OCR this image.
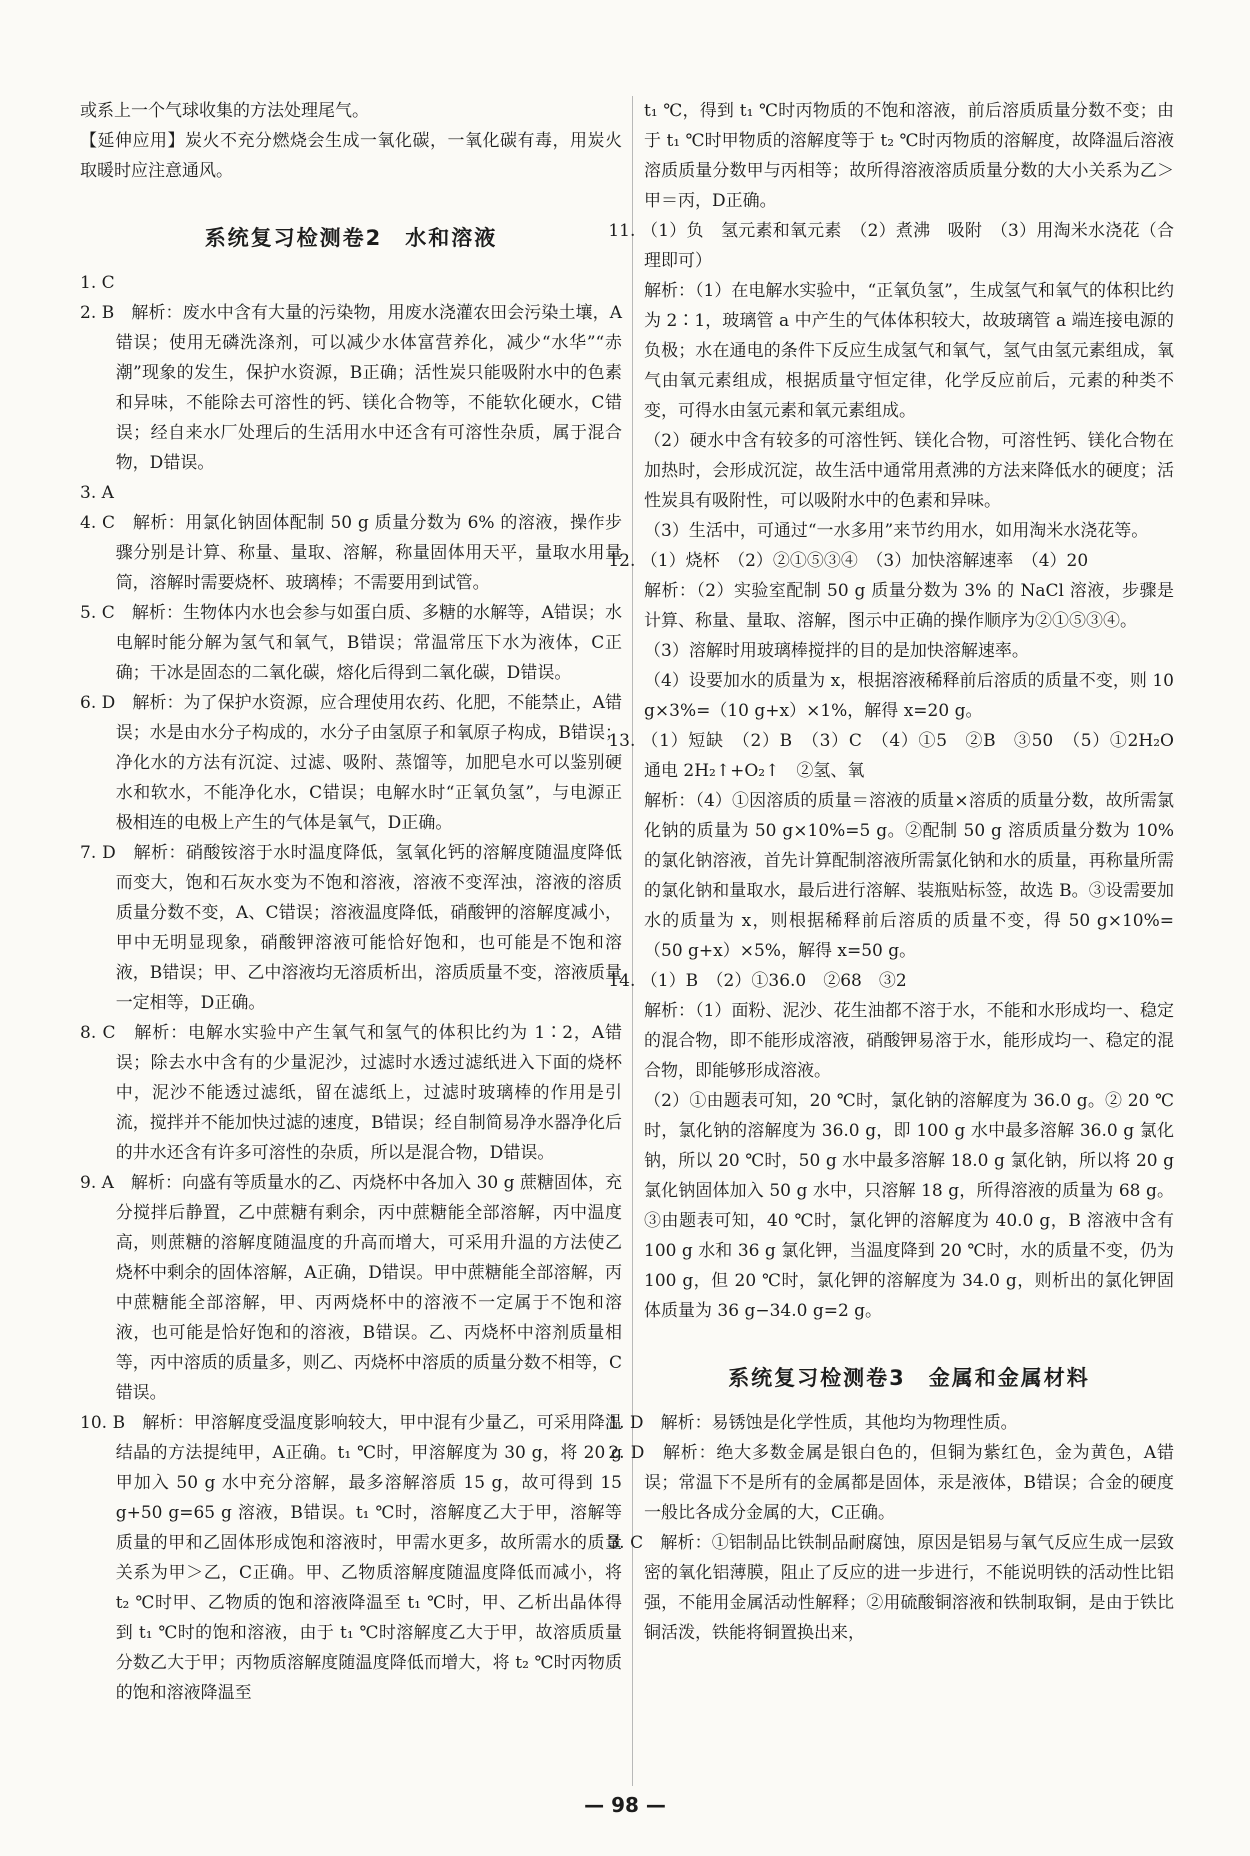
或系上一个气球收集的方法处理尾气。

【延伸应用】炭火不充分燃烧会生成一氧化碳，一氧化碳有毒，用炭火取暖时应注意通风。

系统复习检测卷2　水和溶液

1. C

2. B　解析：废水中含有大量的污染物，用废水浇灌农田会污染土壤，A错误；使用无磷洗涤剂，可以减少水体富营养化，减少“水华”“赤潮”现象的发生，保护水资源，B正确；活性炭只能吸附水中的色素和异味，不能除去可溶性的钙、镁化合物等，不能软化硬水，C错误；经自来水厂处理后的生活用水中还含有可溶性杂质，属于混合物，D错误。

3. A

4. C　解析：用氯化钠固体配制 50 g 质量分数为 6% 的溶液，操作步骤分别是计算、称量、量取、溶解，称量固体用天平，量取水用量筒，溶解时需要烧杯、玻璃棒；不需要用到试管。

5. C　解析：生物体内水也会参与如蛋白质、多糖的水解等，A错误；水电解时能分解为氢气和氧气，B错误；常温常压下水为液体，C正确；干冰是固态的二氧化碳，熔化后得到二氧化碳，D错误。

6. D　解析：为了保护水资源，应合理使用农药、化肥，不能禁止，A错误；水是由水分子构成的，水分子由氢原子和氧原子构成，B错误；净化水的方法有沉淀、过滤、吸附、蒸馏等，加肥皂水可以鉴别硬水和软水，不能净化水，C错误；电解水时“正氧负氢”，与电源正极相连的电极上产生的气体是氧气，D正确。

7. D　解析：硝酸铵溶于水时温度降低，氢氧化钙的溶解度随温度降低而变大，饱和石灰水变为不饱和溶液，溶液不变浑浊，溶液的溶质质量分数不变，A、C错误；溶液温度降低，硝酸钾的溶解度减小，甲中无明显现象，硝酸钾溶液可能恰好饱和，也可能是不饱和溶液，B错误；甲、乙中溶液均无溶质析出，溶质质量不变，溶液质量一定相等，D正确。

8. C　解析：电解水实验中产生氧气和氢气的体积比约为 1∶2，A错误；除去水中含有的少量泥沙，过滤时水透过滤纸进入下面的烧杯中，泥沙不能透过滤纸，留在滤纸上，过滤时玻璃棒的作用是引流，搅拌并不能加快过滤的速度，B错误；经自制简易净水器净化后的井水还含有许多可溶性的杂质，所以是混合物，D错误。

9. A　解析：向盛有等质量水的乙、丙烧杯中各加入 30 g 蔗糖固体，充分搅拌后静置，乙中蔗糖有剩余，丙中蔗糖能全部溶解，丙中温度高，则蔗糖的溶解度随温度的升高而增大，可采用升温的方法使乙烧杯中剩余的固体溶解，A正确，D错误。甲中蔗糖能全部溶解，丙中蔗糖能全部溶解，甲、丙两烧杯中的溶液不一定属于不饱和溶液，也可能是恰好饱和的溶液，B错误。乙、丙烧杯中溶剂质量相等，丙中溶质的质量多，则乙、丙烧杯中溶质的质量分数不相等，C错误。

10. B　解析：甲溶解度受温度影响较大，甲中混有少量乙，可采用降温结晶的方法提纯甲，A正确。t₁ ℃时，甲溶解度为 30 g，将 20 g 甲加入 50 g 水中充分溶解，最多溶解溶质 15 g，故可得到 15 g+50 g=65 g 溶液，B错误。t₁ ℃时，溶解度乙大于甲，溶解等质量的甲和乙固体形成饱和溶液时，甲需水更多，故所需水的质量关系为甲＞乙，C正确。甲、乙物质溶解度随温度降低而减小，将 t₂ ℃时甲、乙物质的饱和溶液降温至 t₁ ℃时，甲、乙析出晶体得到 t₁ ℃时的饱和溶液，由于 t₁ ℃时溶解度乙大于甲，故溶质质量分数乙大于甲；丙物质溶解度随温度降低而增大，将 t₂ ℃时丙物质的饱和溶液降温至

t₁ ℃，得到 t₁ ℃时丙物质的不饱和溶液，前后溶质质量分数不变；由于 t₁ ℃时甲物质的溶解度等于 t₂ ℃时丙物质的溶解度，故降温后溶液溶质质量分数甲与丙相等；故所得溶液溶质质量分数的大小关系为乙＞甲＝丙，D正确。

11. （1）负　氢元素和氧元素　（2）煮沸　吸附　（3）用淘米水浇花（合理即可）

解析：（1）在电解水实验中，“正氧负氢”，生成氢气和氧气的体积比约为 2∶1，玻璃管 a 中产生的气体体积较大，故玻璃管 a 端连接电源的负极；水在通电的条件下反应生成氢气和氧气，氢气由氢元素组成，氧气由氧元素组成，根据质量守恒定律，化学反应前后，元素的种类不变，可得水由氢元素和氧元素组成。

（2）硬水中含有较多的可溶性钙、镁化合物，可溶性钙、镁化合物在加热时，会形成沉淀，故生活中通常用煮沸的方法来降低水的硬度；活性炭具有吸附性，可以吸附水中的色素和异味。

（3）生活中，可通过“一水多用”来节约用水，如用淘米水浇花等。

12. （1）烧杯　（2）②①⑤③④　（3）加快溶解速率　（4）20

解析：（2）实验室配制 50 g 质量分数为 3% 的 NaCl 溶液，步骤是计算、称量、量取、溶解，图示中正确的操作顺序为②①⑤③④。

（3）溶解时用玻璃棒搅拌的目的是加快溶解速率。

（4）设要加水的质量为 x，根据溶液稀释前后溶质的质量不变，则 10 g×3%=（10 g+x）×1%，解得 x=20 g。

13. （1）短缺　（2）B　（3）C　（4）①5　②B　③50　（5）①2H₂O 通电 2H₂↑+O₂↑　②氢、氧

解析：（4）①因溶质的质量＝溶液的质量×溶质的质量分数，故所需氯化钠的质量为 50 g×10%=5 g。②配制 50 g 溶质质量分数为 10% 的氯化钠溶液，首先计算配制溶液所需氯化钠和水的质量，再称量所需的氯化钠和量取水，最后进行溶解、装瓶贴标签，故选 B。③设需要加水的质量为 x，则根据稀释前后溶质的质量不变，得 50 g×10%=（50 g+x）×5%，解得 x=50 g。

14. （1）B　（2）①36.0　②68　③2

解析：（1）面粉、泥沙、花生油都不溶于水，不能和水形成均一、稳定的混合物，即不能形成溶液，硝酸钾易溶于水，能形成均一、稳定的混合物，即能够形成溶液。

（2）①由题表可知，20 ℃时，氯化钠的溶解度为 36.0 g。② 20 ℃时，氯化钠的溶解度为 36.0 g，即 100 g 水中最多溶解 36.0 g 氯化钠，所以 20 ℃时，50 g 水中最多溶解 18.0 g 氯化钠，所以将 20 g 氯化钠固体加入 50 g 水中，只溶解 18 g，所得溶液的质量为 68 g。③由题表可知，40 ℃时，氯化钾的溶解度为 40.0 g，B 溶液中含有 100 g 水和 36 g 氯化钾，当温度降到 20 ℃时，水的质量不变，仍为 100 g，但 20 ℃时，氯化钾的溶解度为 34.0 g，则析出的氯化钾固体质量为 36 g−34.0 g=2 g。

系统复习检测卷3　金属和金属材料

1. D　解析：易锈蚀是化学性质，其他均为物理性质。

2. D　解析：绝大多数金属是银白色的，但铜为紫红色，金为黄色，A错误；常温下不是所有的金属都是固体，汞是液体，B错误；合金的硬度一般比各成分金属的大，C正确。

3. C　解析：①铝制品比铁制品耐腐蚀，原因是铝易与氧气反应生成一层致密的氧化铝薄膜，阻止了反应的进一步进行，不能说明铁的活动性比铝强，不能用金属活动性解释；②用硫酸铜溶液和铁制取铜，是由于铁比铜活泼，铁能将铜置换出来，

— 98 —
